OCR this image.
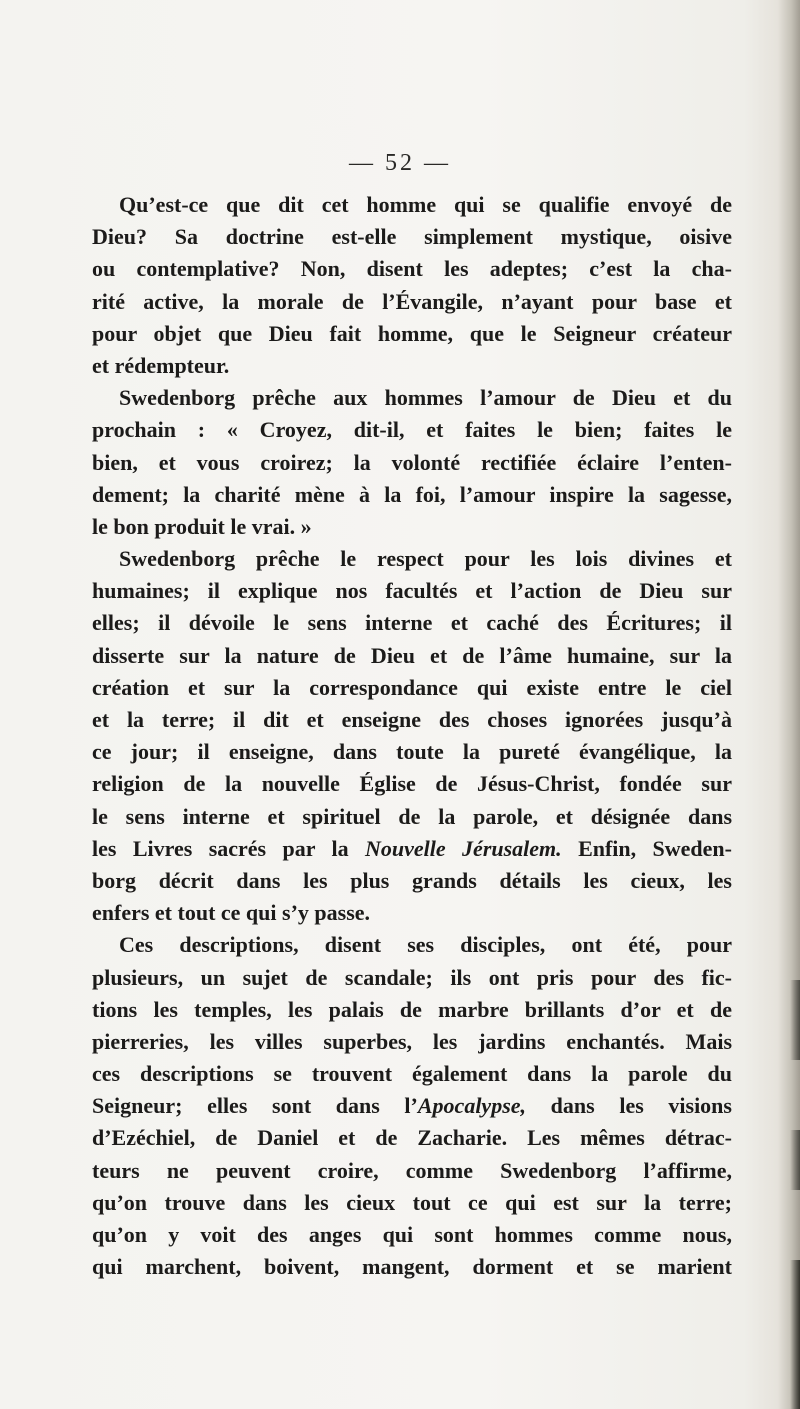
— 52 —
Qu’est-ce que dit cet homme qui se qualifie envoyé de
Dieu? Sa doctrine est-elle simplement mystique, oisive
ou contemplative? Non, disent les adeptes; c’est la cha-
rité active, la morale de l’Évangile, n’ayant pour base et
pour objet que Dieu fait homme, que le Seigneur créateur
et rédempteur.
Swedenborg prêche aux hommes l’amour de Dieu et du
prochain : « Croyez, dit-il, et faites le bien; faites le
bien, et vous croirez; la volonté rectifiée éclaire l’enten-
dement; la charité mène à la foi, l’amour inspire la sagesse,
le bon produit le vrai. »
Swedenborg prêche le respect pour les lois divines et
humaines; il explique nos facultés et l’action de Dieu sur
elles; il dévoile le sens interne et caché des Écritures; il
disserte sur la nature de Dieu et de l’âme humaine, sur la
création et sur la correspondance qui existe entre le ciel
et la terre; il dit et enseigne des choses ignorées jusqu’à
ce jour; il enseigne, dans toute la pureté évangélique, la
religion de la nouvelle Église de Jésus-Christ, fondée sur
le sens interne et spirituel de la parole, et désignée dans
les Livres sacrés par la Nouvelle Jérusalem. Enfin, Sweden-
borg décrit dans les plus grands détails les cieux, les
enfers et tout ce qui s’y passe.
Ces descriptions, disent ses disciples, ont été, pour
plusieurs, un sujet de scandale; ils ont pris pour des fic-
tions les temples, les palais de marbre brillants d’or et de
pierreries, les villes superbes, les jardins enchantés. Mais
ces descriptions se trouvent également dans la parole du
Seigneur; elles sont dans l’Apocalypse, dans les visions
d’Ezéchiel, de Daniel et de Zacharie. Les mêmes détrac-
teurs ne peuvent croire, comme Swedenborg l’affirme,
qu’on trouve dans les cieux tout ce qui est sur la terre;
qu’on y voit des anges qui sont hommes comme nous,
qui marchent, boivent, mangent, dorment et se marient
